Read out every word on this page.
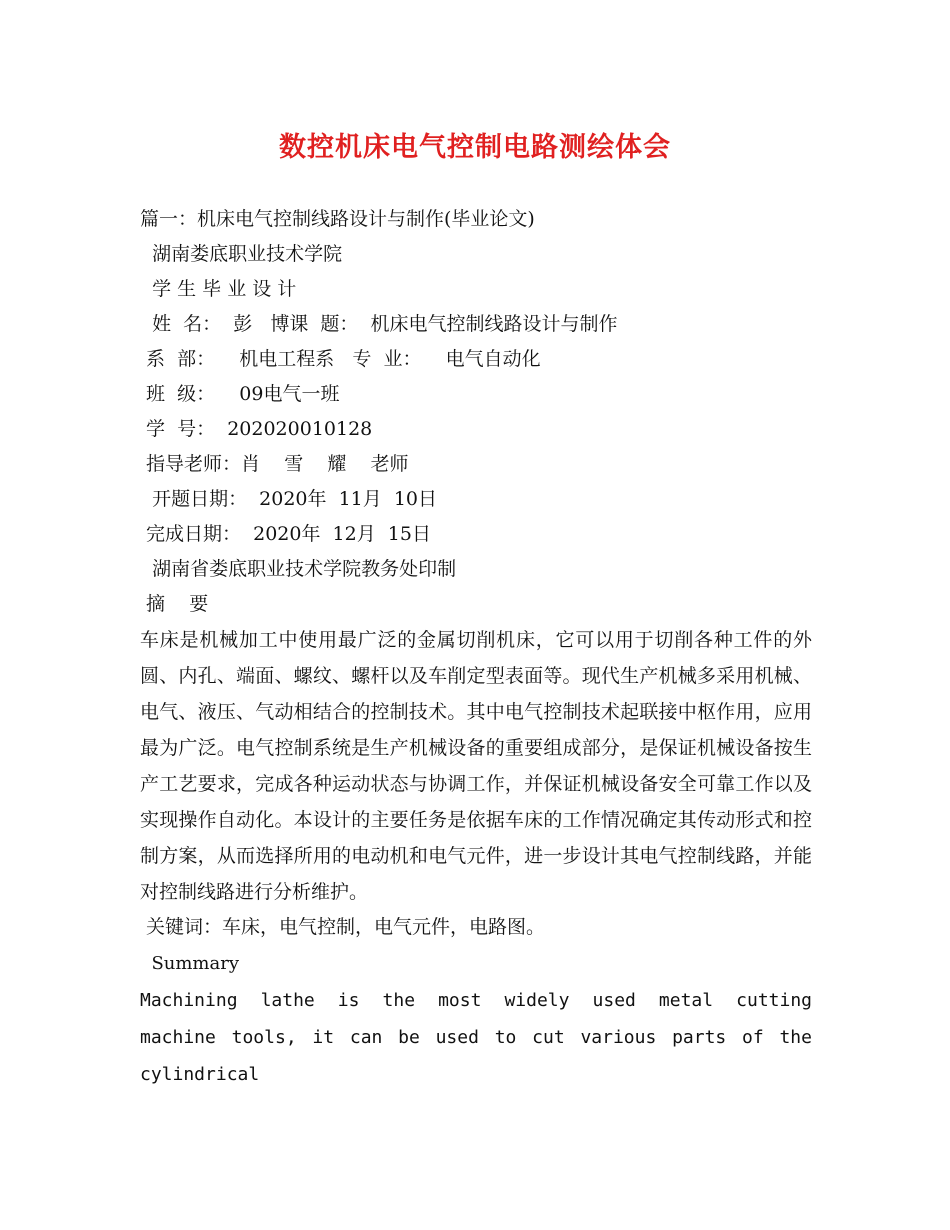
数控机床电气控制电路测绘体会
篇一：机床电气控制线路设计与制作(毕业论文)
湖南娄底职业技术学院
学 生 毕 业 设 计
姓  名：  彭   博课  题：  机床电气控制线路设计与制作
系  部：    机电工程系   专  业：    电气自动化
班  级：    09电气一班
学  号：  202020010128
指导老师：肖    雪    耀    老师
开题日期：  2020年  11月  10日
完成日期：  2020年  12月  15日
湖南省娄底职业技术学院教务处印制
摘    要
车床是机械加工中使用最广泛的金属切削机床，它可以用于切削各种工件的外圆、内孔、端面、螺纹、螺杆以及车削定型表面等。现代生产机械多采用机械、电气、液压、气动相结合的控制技术。其中电气控制技术起联接中枢作用，应用最为广泛。电气控制系统是生产机械设备的重要组成部分，是保证机械设备按生产工艺要求，完成各种运动状态与协调工作，并保证机械设备安全可靠工作以及实现操作自动化。本设计的主要任务是依据车床的工作情况确定其传动形式和控制方案，从而选择所用的电动机和电气元件，进一步设计其电气控制线路，并能对控制线路进行分析维护。
关键词：车床，电气控制，电气元件，电路图。
Summary
Machining lathe is the most widely used metal cutting machine tools, it can be used to cut various parts of the cylindrical
